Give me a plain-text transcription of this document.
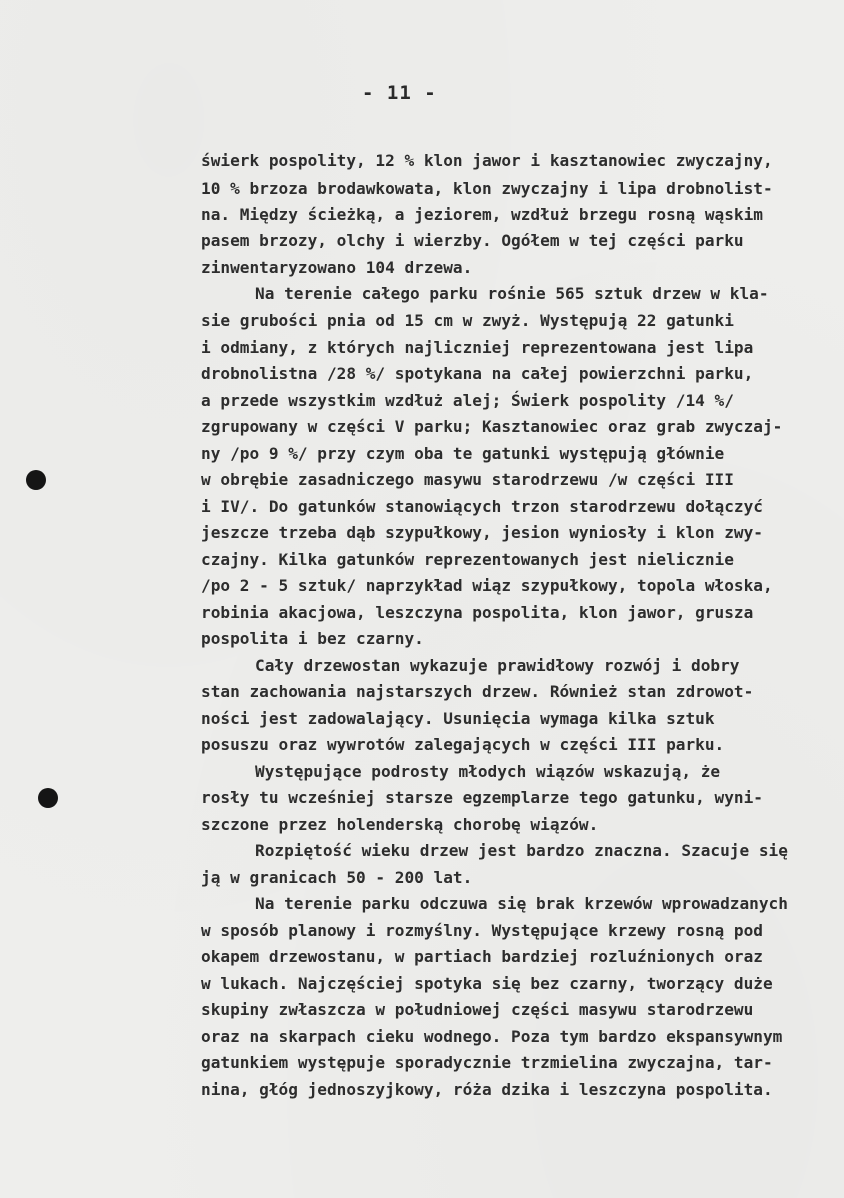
- 11 -
świerk pospolity, 12 % klon jawor i kasztanowiec zwyczajny,
10 % brzoza brodawkowata, klon zwyczajny i lipa drobnolist-
na. Między ścieżką, a jeziorem, wzdłuż brzegu rosną wąskim
pasem brzozy, olchy i wierzby. Ogółem w tej części parku
zinwentaryzowano 104 drzewa.
Na terenie całego parku rośnie 565 sztuk drzew w kla-
sie grubości pnia od 15 cm w zwyż. Występują 22 gatunki
i odmiany, z których najliczniej reprezentowana jest lipa
drobnolistna /28 %/ spotykana na całej powierzchni parku,
a przede wszystkim wzdłuż alej; Świerk pospolity /14 %/
zgrupowany w części V parku; Kasztanowiec oraz grab zwyczaj-
ny /po 9 %/ przy czym oba te gatunki występują głównie
w obrębie zasadniczego masywu starodrzewu /w części III
i IV/. Do gatunków stanowiących trzon starodrzewu dołączyć
jeszcze trzeba dąb szypułkowy, jesion wyniosły i klon zwy-
czajny. Kilka gatunków reprezentowanych jest nielicznie
/po 2 - 5 sztuk/ naprzykład wiąz szypułkowy, topola włoska,
robinia akacjowa, leszczyna pospolita, klon jawor, grusza
pospolita i bez czarny.
Cały drzewostan wykazuje prawidłowy rozwój i dobry
stan zachowania najstarszych drzew. Również stan zdrowot-
ności jest zadowalający. Usunięcia wymaga kilka sztuk
posuszu oraz wywrotów zalegających w części III parku.
Występujące podrosty młodych wiązów wskazują, że
rosły tu wcześniej starsze egzemplarze tego gatunku, wyni-
szczone przez holenderską chorobę wiązów.
Rozpiętość wieku drzew jest bardzo znaczna. Szacuje się
ją w granicach 50 - 200 lat.
Na terenie parku odczuwa się brak krzewów wprowadzanych
w sposób planowy i rozmyślny. Występujące krzewy rosną pod
okapem drzewostanu, w partiach bardziej rozluźnionych oraz
w lukach. Najczęściej spotyka się bez czarny, tworzący duże
skupiny zwłaszcza w południowej części masywu starodrzewu
oraz na skarpach cieku wodnego. Poza tym bardzo ekspansywnym
gatunkiem występuje sporadycznie trzmielina zwyczajna, tar-
nina, głóg jednoszyjkowy, róża dzika i leszczyna pospolita.
